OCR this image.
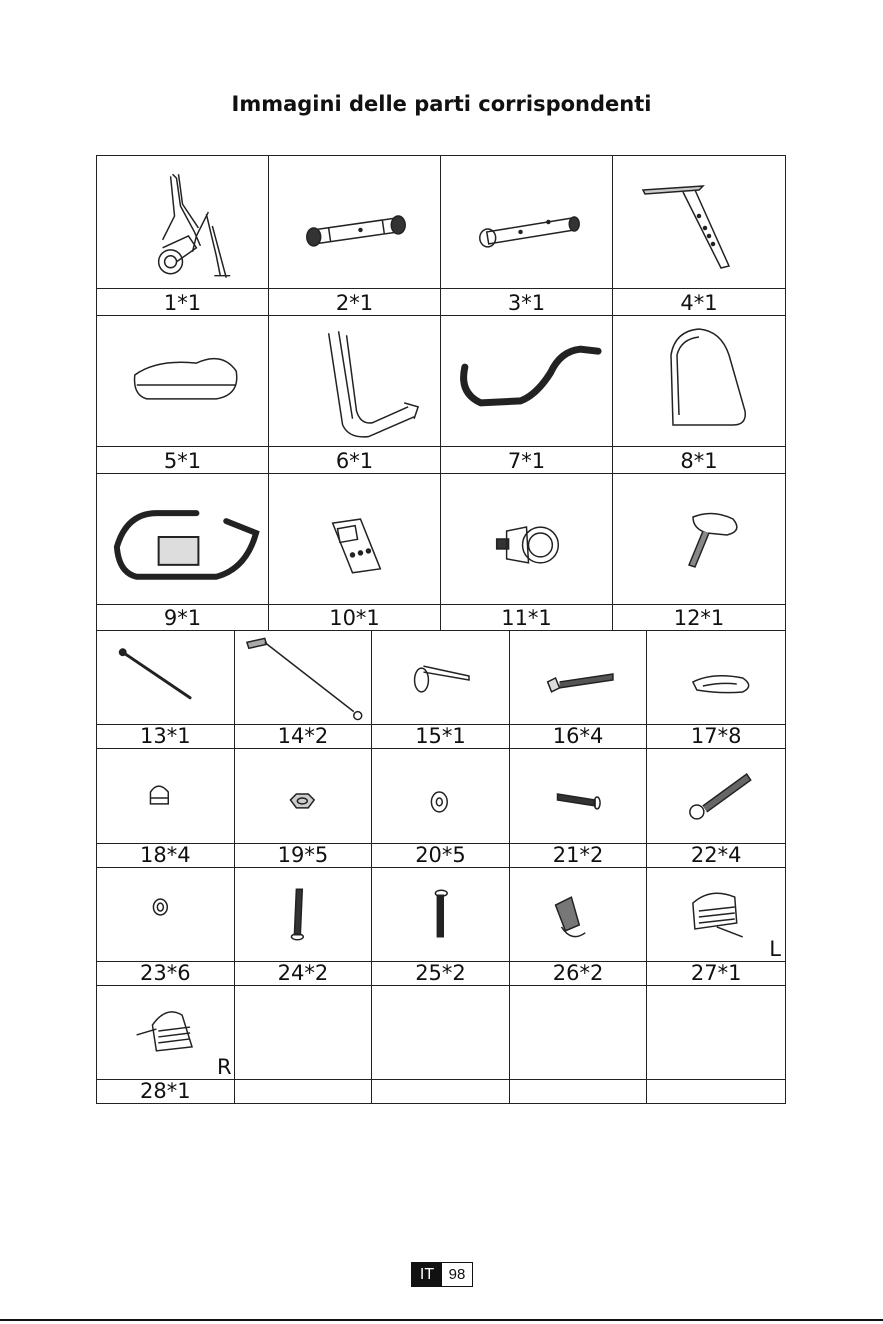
Immagini delle parti corrispondenti
1*1	2*1	3*1	4*1
5*1	6*1	7*1	8*1
9*1	10*1	11*1	12*1
13*1	14*2	15*1	16*4	17*8
18*4	19*5	20*5	21*2	22*4
L
23*6	24*2	25*2	26*2	27*1
R
28*1
IT 98
